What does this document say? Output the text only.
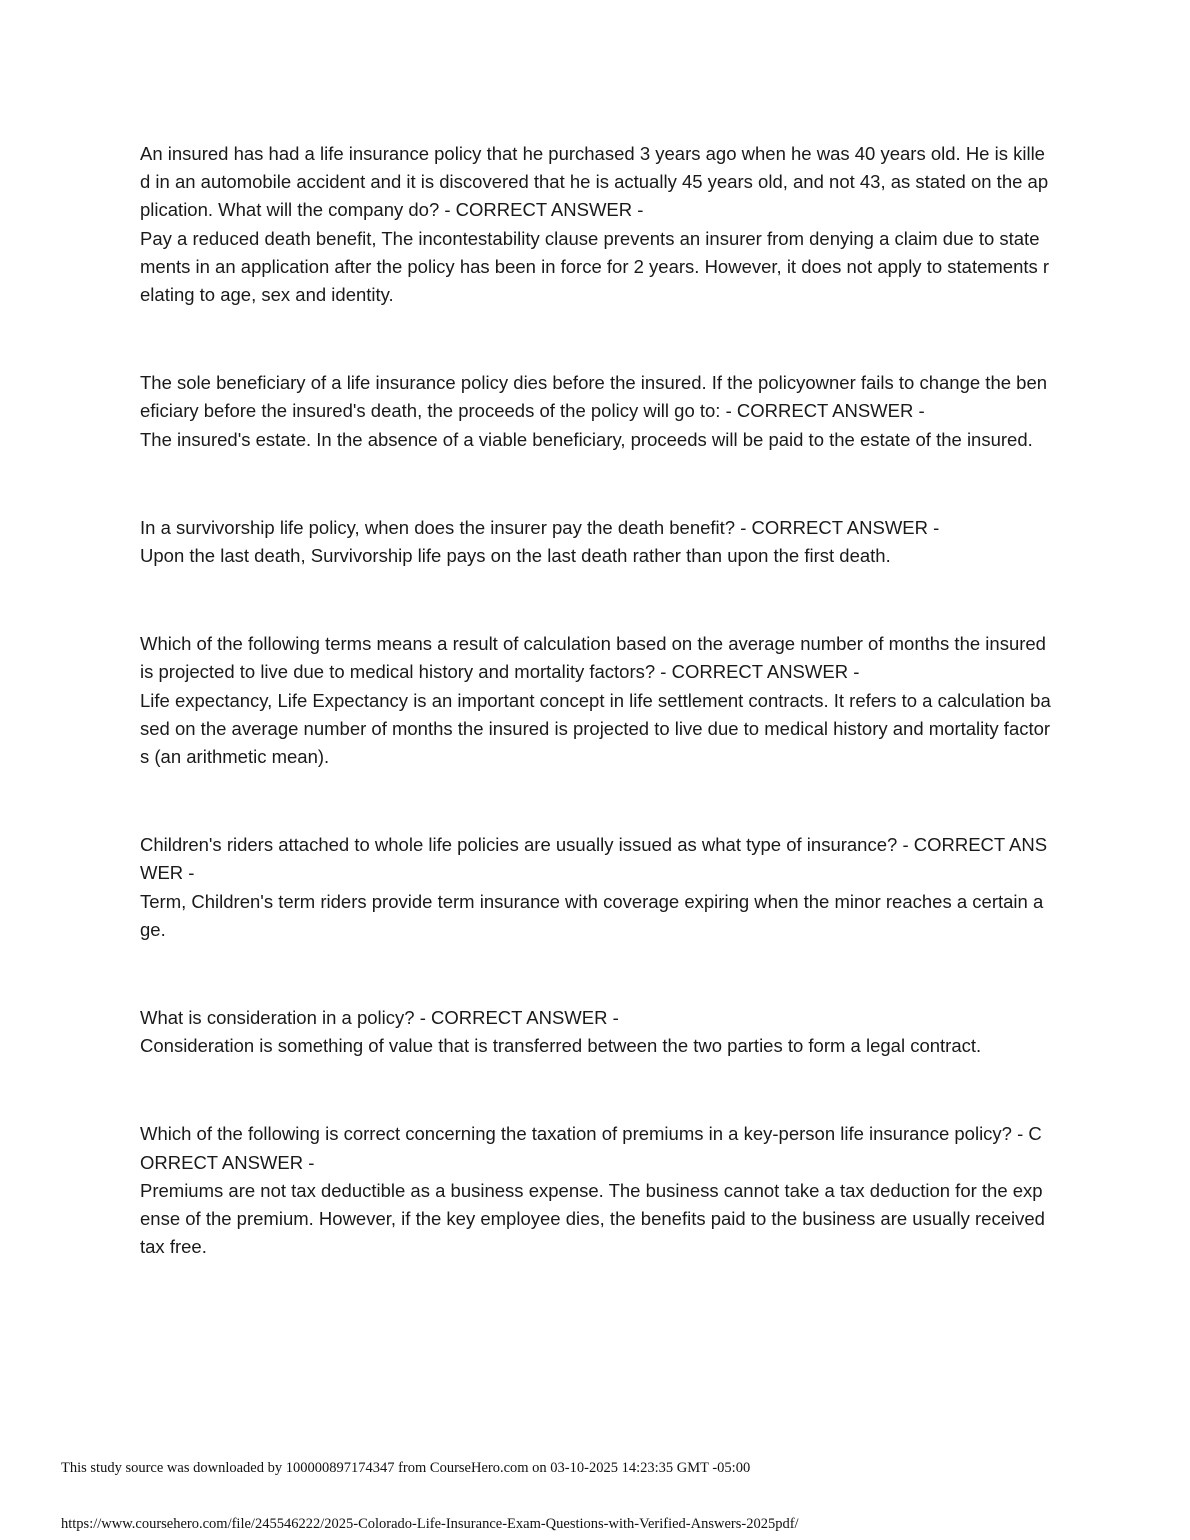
An insured has had a life insurance policy that he purchased 3 years ago when he was 40 years old. He is killed in an automobile accident and it is discovered that he is actually 45 years old, and not 43, as stated on the application. What will the company do? - CORRECT ANSWER -

Pay a reduced death benefit, The incontestability clause prevents an insurer from denying a claim due to statements in an application after the policy has been in force for 2 years. However, it does not apply to statements relating to age, sex and identity.

The sole beneficiary of a life insurance policy dies before the insured. If the policyowner fails to change the beneficiary before the insured's death, the proceeds of the policy will go to: - CORRECT ANSWER -

The insured's estate. In the absence of a viable beneficiary, proceeds will be paid to the estate of the insured.

In a survivorship life policy, when does the insurer pay the death benefit? - CORRECT ANSWER -

Upon the last death, Survivorship life pays on the last death rather than upon the first death.

Which of the following terms means a result of calculation based on the average number of months the insured is projected to live due to medical history and mortality factors? - CORRECT ANSWER -

Life expectancy, Life Expectancy is an important concept in life settlement contracts. It refers to a calculation based on the average number of months the insured is projected to live due to medical history and mortality factors (an arithmetic mean).

Children's riders attached to whole life policies are usually issued as what type of insurance? - CORRECT ANSWER -

Term, Children's term riders provide term insurance with coverage expiring when the minor reaches a certain age.

What is consideration in a policy? - CORRECT ANSWER -

Consideration is something of value that is transferred between the two parties to form a legal contract.

Which of the following is correct concerning the taxation of premiums in a key-person life insurance policy? - CORRECT ANSWER -

Premiums are not tax deductible as a business expense. The business cannot take a tax deduction for the expense of the premium. However, if the key employee dies, the benefits paid to the business are usually received tax free.

This study source was downloaded by 100000897174347 from CourseHero.com on 03-10-2025 14:23:35 GMT -05:00
https://www.coursehero.com/file/245546222/2025-Colorado-Life-Insurance-Exam-Questions-with-Verified-Answers-2025pdf/
